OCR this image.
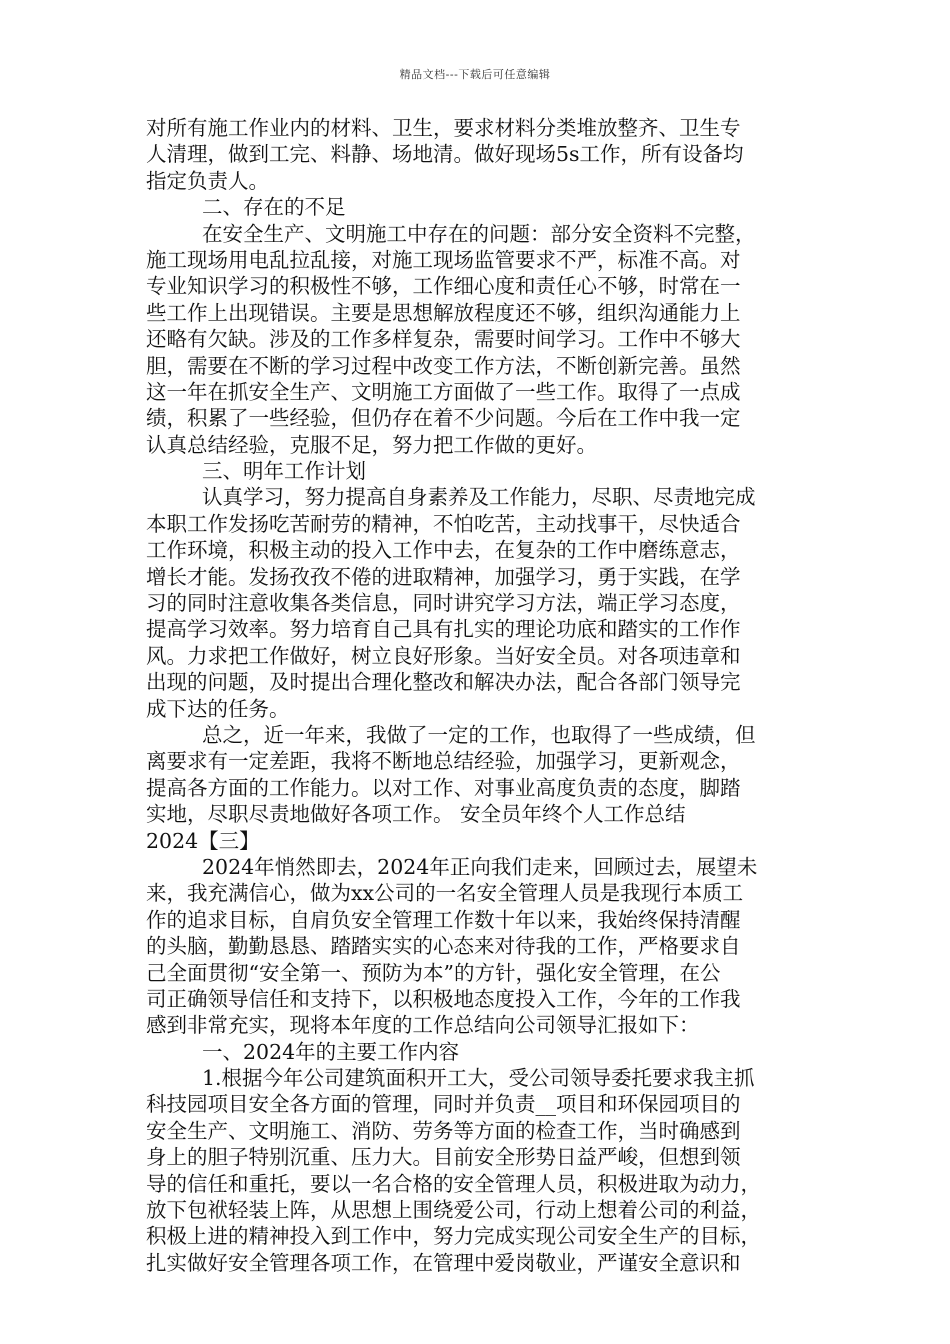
精品文档---下载后可任意编辑
对所有施工作业内的材料、卫生，要求材料分类堆放整齐、卫生专
人清理，做到工完、料静、场地清。做好现场5s工作，所有设备均
指定负责人。
二、存在的不足
在安全生产、文明施工中存在的问题：部分安全资料不完整，
施工现场用电乱拉乱接，对施工现场监管要求不严，标准不高。对
专业知识学习的积极性不够，工作细心度和责任心不够，时常在一
些工作上出现错误。主要是思想解放程度还不够，组织沟通能力上
还略有欠缺。涉及的工作多样复杂，需要时间学习。工作中不够大
胆，需要在不断的学习过程中改变工作方法，不断创新完善。虽然
这一年在抓安全生产、文明施工方面做了一些工作。取得了一点成
绩，积累了一些经验，但仍存在着不少问题。今后在工作中我一定
认真总结经验，克服不足，努力把工作做的更好。
三、明年工作计划
认真学习，努力提高自身素养及工作能力，尽职、尽责地完成
本职工作发扬吃苦耐劳的精神，不怕吃苦，主动找事干，尽快适合
工作环境，积极主动的投入工作中去，在复杂的工作中磨练意志，
增长才能。发扬孜孜不倦的进取精神，加强学习，勇于实践，在学
习的同时注意收集各类信息，同时讲究学习方法，端正学习态度，
提高学习效率。努力培育自己具有扎实的理论功底和踏实的工作作
风。力求把工作做好，树立良好形象。当好安全员。对各项违章和
出现的问题，及时提出合理化整改和解决办法，配合各部门领导完
成下达的任务。
总之，近一年来，我做了一定的工作，也取得了一些成绩，但
离要求有一定差距，我将不断地总结经验，加强学习，更新观念，
提高各方面的工作能力。以对工作、对事业高度负责的态度，脚踏
实地，尽职尽责地做好各项工作。 安全员年终个人工作总结
2024【三】
2024年悄然即去，2024年正向我们走来，回顾过去，展望未
来，我充满信心，做为xx公司的一名安全管理人员是我现行本质工
作的追求目标，自肩负安全管理工作数十年以来，我始终保持清醒
的头脑，勤勤恳恳、踏踏实实的心态来对待我的工作，严格要求自
己全面贯彻“安全第一、预防为本”的方针，强化安全管理，在公
司正确领导信任和支持下，以积极地态度投入工作，今年的工作我
感到非常充实，现将本年度的工作总结向公司领导汇报如下：
一、2024年的主要工作内容
1.根据今年公司建筑面积开工大，受公司领导委托要求我主抓
科技园项目安全各方面的管理，同时并负责__项目和环保园项目的
安全生产、文明施工、消防、劳务等方面的检查工作，当时确感到
身上的胆子特别沉重、压力大。目前安全形势日益严峻，但想到领
导的信任和重托，要以一名合格的安全管理人员，积极进取为动力，
放下包袱轻装上阵，从思想上围绕爱公司，行动上想着公司的利益，
积极上进的精神投入到工作中，努力完成实现公司安全生产的目标，
扎实做好安全管理各项工作，在管理中爱岗敬业，严谨安全意识和
